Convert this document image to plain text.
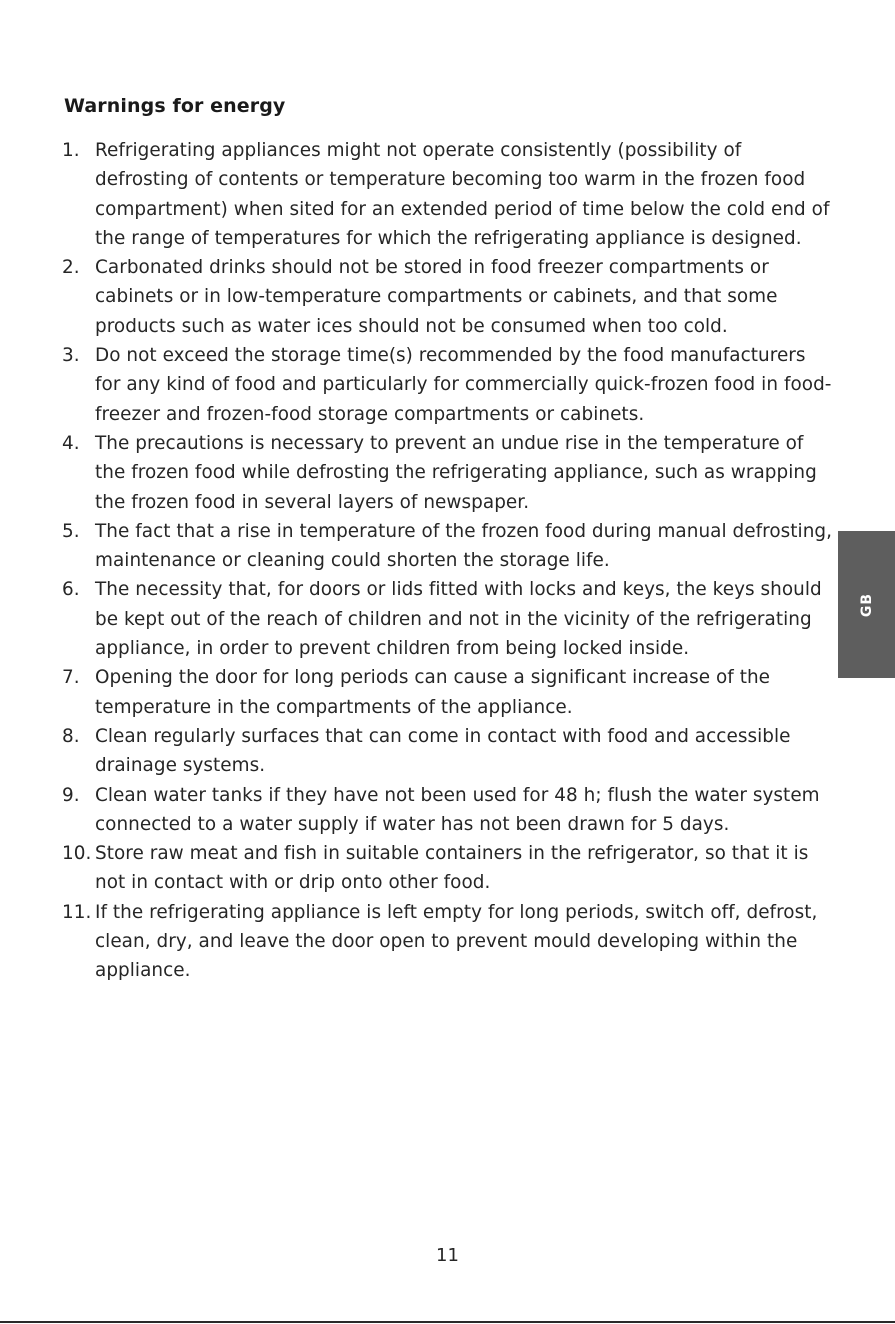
Warnings for energy
1. Refrigerating appliances might not operate consistently (possibility of defrosting of contents or temperature becoming too warm in the frozen food compartment) when sited for an extended period of time below the cold end of the range of temperatures for which the refrigerating appliance is designed.
2. Carbonated drinks should not be stored in food freezer compartments or cabinets or in low-temperature compartments or cabinets, and that some products such as water ices should not be consumed when too cold.
3. Do not exceed the storage time(s) recommended by the food manufacturers for any kind of food and particularly for commercially quick-frozen food in food-freezer and frozen-food storage compartments or cabinets.
4. The precautions is necessary to prevent an undue rise in the temperature of the frozen food while defrosting the refrigerating appliance, such as wrapping the frozen food in several layers of newspaper.
5. The fact that a rise in temperature of the frozen food during manual defrosting, maintenance or cleaning could shorten the storage life.
6. The necessity that, for doors or lids fitted with locks and keys, the keys should be kept out of the reach of children and not in the vicinity of the refrigerating appliance, in order to prevent children from being locked inside.
7. Opening the door for long periods can cause a significant increase of the temperature in the compartments of the appliance.
8. Clean regularly surfaces that can come in contact with food and accessible drainage systems.
9. Clean water tanks if they have not been used for 48 h; flush the water system connected to a water supply if water has not been drawn for 5 days.
10. Store raw meat and fish in suitable containers in the refrigerator, so that it is not in contact with or drip onto other food.
11. If the refrigerating appliance is left empty for long periods, switch off, defrost, clean, dry, and leave the door open to prevent mould developing within the appliance.
GB
11
